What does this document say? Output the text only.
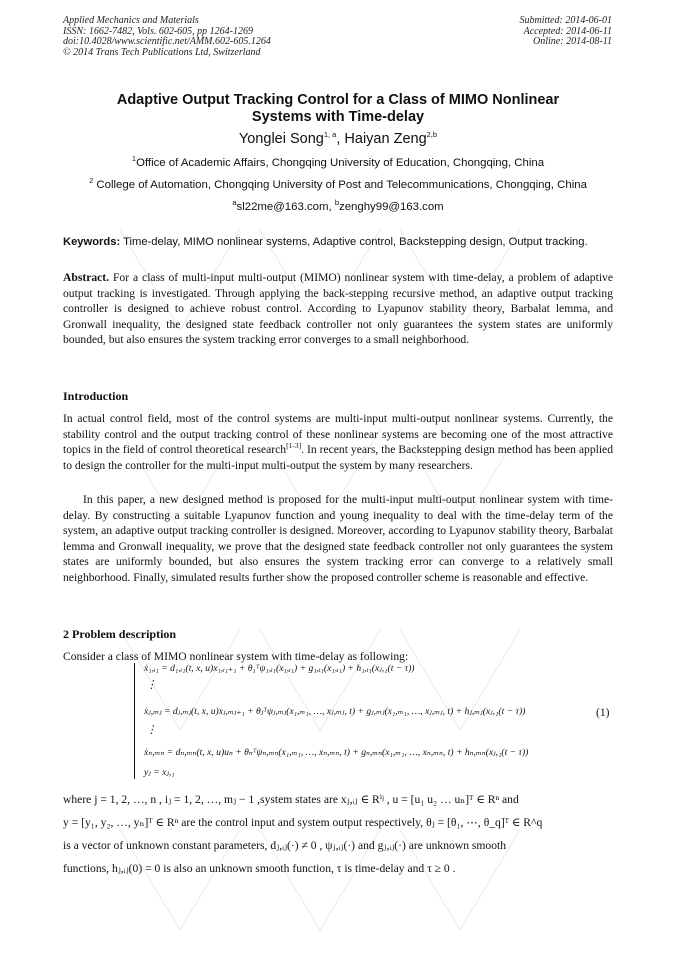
Applied Mechanics and Materials
ISSN: 1662-7482, Vols. 602-605, pp 1264-1269
doi:10.4028/www.scientific.net/AMM.602-605.1264
© 2014 Trans Tech Publications Ltd, Switzerland
Submitted: 2014-06-01
Accepted: 2014-06-11
Online: 2014-08-11
Adaptive Output Tracking Control for a Class of MIMO Nonlinear
Systems with Time-delay
Yonglei Song$^{1, a}$, Haiyan Zeng$^{2,b}$
$^1$Office of Academic Affairs, Chongqing University of Education, Chongqing, China
$^2$ College of Automation, Chongqing University of Post and Telecommunications, Chongqing, China
$^a$sl22me@163.com, $^b$zenghy99@163.com
Keywords: Time-delay, MIMO nonlinear systems, Adaptive control, Backstepping design, Output tracking.
Abstract. For a class of multi-input multi-output (MIMO) nonlinear system with time-delay, a problem of adaptive output tracking is investigated. Through applying the back-stepping recursive method, an adaptive output tracking controller is designed to achieve robust control. According to Lyapunov stability theory, Barbalat lemma, and Gronwall inequality, the designed state feedback controller not only guarantees the system states are uniformly bounded, but also ensures the system tracking error converges to a small neighborhood.
Introduction
In actual control field, most of the control systems are multi-input multi-output nonlinear systems. Currently, the stability control and the output tracking control of these nonlinear systems are becoming one of the most attractive topics in the field of control theoretical research[1-3]. In recent years, the Backstepping design method has been applied to design the controller for the multi-input multi-output the system by many researchers.
In this paper, a new designed method is proposed for the multi-input multi-output nonlinear system with time-delay. By constructing a suitable Lyapunov function and young inequality to deal with the time-delay term of the system, an adaptive output tracking controller is designed. Moreover, according to Lyapunov stability theory, Barbalat lemma and Gronwall inequality, we prove that the designed state feedback controller not only guarantees the system states are uniformly bounded, but also ensures the system tracking error can converge to a relatively small neighborhood. Finally, simulated results further show the proposed controller scheme is reasonable and effective.
2 Problem description
Consider a class of MIMO nonlinear system with time-delay as following:
ẋ₁,ᵢ₁ = d₁,ᵢ₁(t, x, u)x₁,ᵢ₁₊₁ + θ₁ᵀψ₁,ᵢ₁(x₁,ᵢ₁) + g₁,ᵢ₁(x₁,ᵢ₁) + h₁,ᵢ₁(xⱼ,₁(t − τ))
⋮
ẋⱼ,ₘⱼ = dⱼ,ₘⱼ(t, x, u)xⱼ,ₘⱼ₊₁ + θⱼᵀψⱼ,ₘⱼ(x₁,ₘ₁, …, xⱼ,ₘⱼ, t) + gⱼ,ₘⱼ(x₁,ₘ₁, …, xⱼ,ₘⱼ, t) + hⱼ,ₘⱼ(xⱼ,₁(t − τ))
⋮
ẋₙ,ₘₙ = dₙ,ₘₙ(t, x, u)uₙ + θₙᵀψₙ,ₘₙ(x₁,ₘ₁, …, xₙ,ₘₙ, t) + gₙ,ₘₙ(x₁,ₘ₁, …, xₙ,ₘₙ, t) + hₙ,ₘₙ(xⱼ,₁(t − τ))
yⱼ = xⱼ,₁
(1)
where j = 1, 2, …, n , iⱼ = 1, 2, …, mⱼ − 1 ,system states are xⱼ,ᵢⱼ ∈ Rⁱʲ , u = [u₁ u₂ … uₙ]ᵀ ∈ Rⁿ and
y = [y₁, y₂, …, yₙ]ᵀ ∈ Rⁿ are the control input and system output respectively, θⱼ = [θ₁, ⋯, θ_q]ᵀ ∈ R^q
is a vector of unknown constant parameters, dⱼ,ᵢⱼ(·) ≠ 0 , ψⱼ,ᵢⱼ(·) and gⱼ,ᵢⱼ(·) are unknown smooth
functions, hⱼ,ᵢⱼ(0) = 0 is also an unknown smooth function, τ is time-delay and τ ≥ 0 .
